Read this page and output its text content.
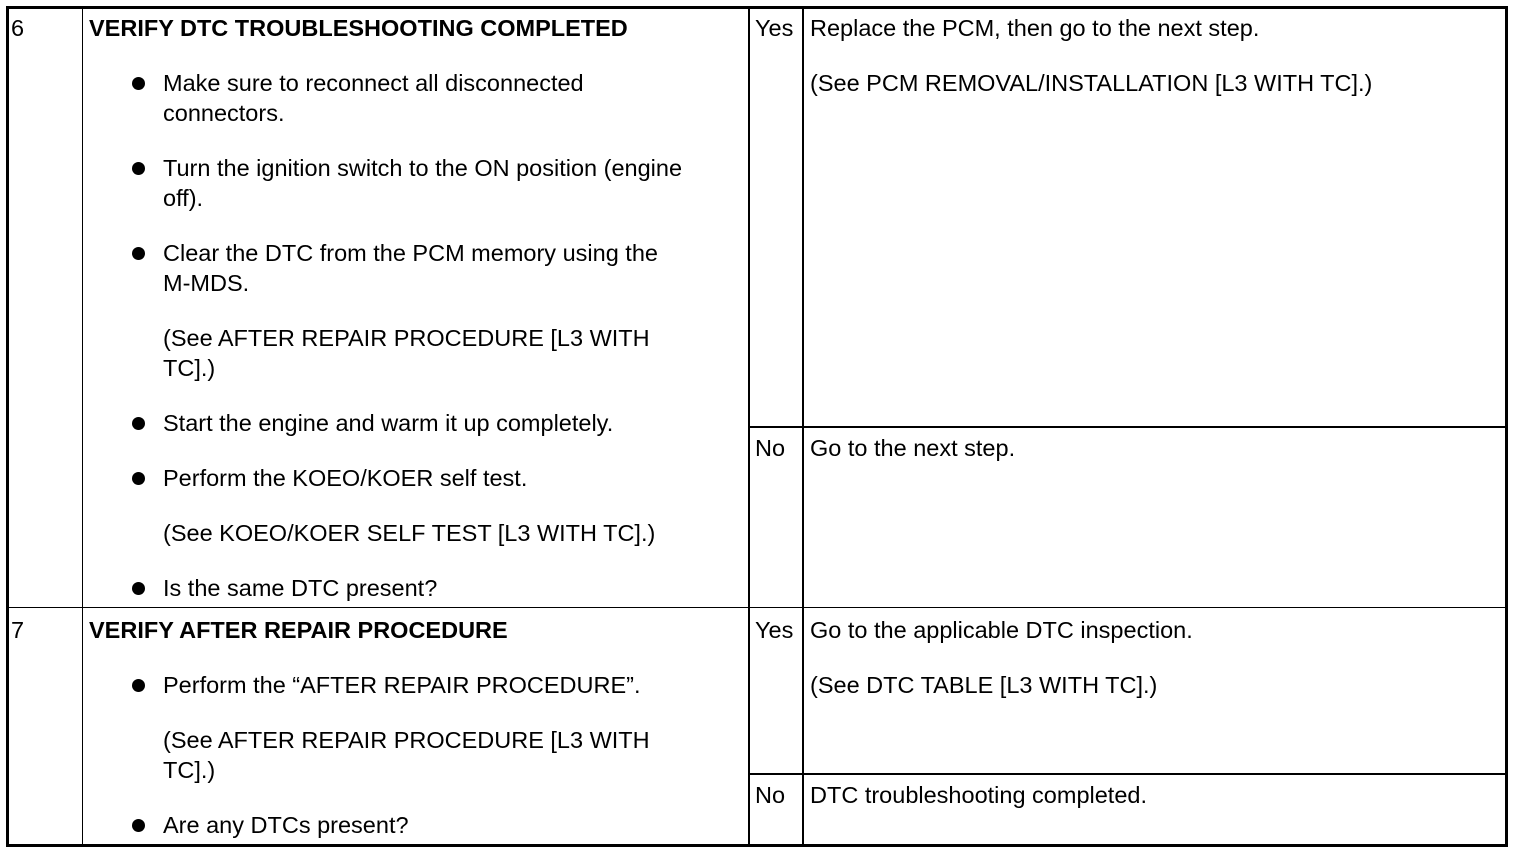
6	VERIFY DTC TROUBLESHOOTING COMPLETED
Make sure to reconnect all disconnected
connectors.
Turn the ignition switch to the ON position (engine
off).
Clear the DTC from the PCM memory using the
M-MDS.
(See AFTER REPAIR PROCEDURE [L3 WITH
TC].)
Start the engine and warm it up completely.
Perform the KOEO/KOER self test.
(See KOEO/KOER SELF TEST [L3 WITH TC].)
Is the same DTC present?
Yes Replace the PCM, then go to the next step.
(See PCM REMOVAL/INSTALLATION [L3 WITH TC].)
No Go to the next step.
7	VERIFY AFTER REPAIR PROCEDURE
Perform the “AFTER REPAIR PROCEDURE”.
(See AFTER REPAIR PROCEDURE [L3 WITH
TC].)
Are any DTCs present?
Yes Go to the applicable DTC inspection.
(See DTC TABLE [L3 WITH TC].)
No DTC troubleshooting completed.
